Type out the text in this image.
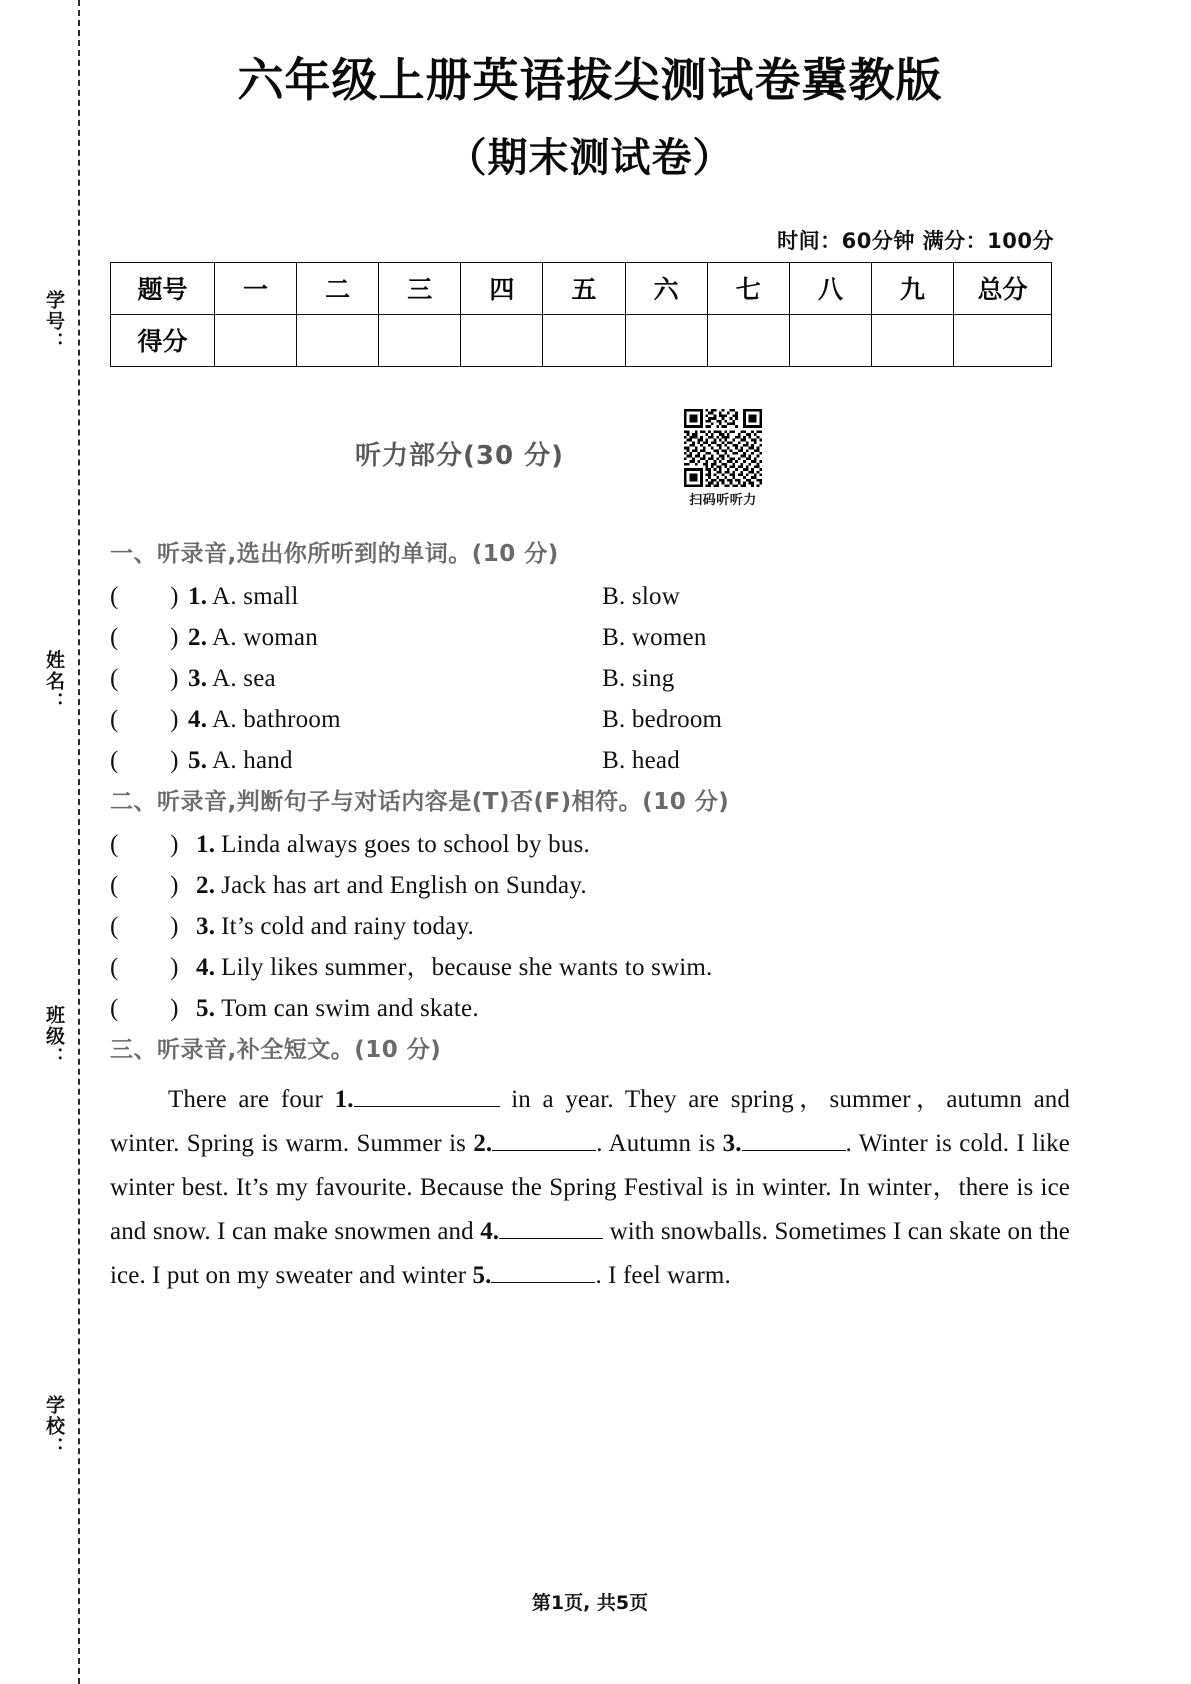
学号：
姓名：
班级：
学校：
六年级上册英语拔尖测试卷冀教版
（期末测试卷）
时间：60分钟 满分：100分
题号	一	二	三	四	五	六	七	八	九	总分
得分										
听力部分(30 分)
扫码听听力
一、听录音,选出你所听到的单词。(10 分)
(        ) 1. A. small	B. slow
(        ) 2. A. woman	B. women
(        ) 3. A. sea	B. sing
(        ) 4. A. bathroom	B. bedroom
(        ) 5. A. hand	B. head
二、听录音,判断句子与对话内容是(T)否(F)相符。(10 分)
(        ) 1. Linda always goes to school by bus.
(        ) 2. Jack has art and English on Sunday.
(        ) 3. It’s cold and rainy today.
(        ) 4. Lily likes summer，because she wants to swim.
(        ) 5. Tom can swim and skate.
三、听录音,补全短文。(10 分)

There are four 1.	in a year. They are spring，summer，autumn and winter. Spring is warm. Summer is 2.	. Autumn is 3.	. Winter is cold. I like winter best. It’s my favourite. Because the Spring Festival is in winter. In winter，there is ice and snow. I can make snowmen and 4.	with snowballs. Sometimes I can skate on the ice. I put on my sweater and winter 5.	. I feel warm.

第1页, 共5页
